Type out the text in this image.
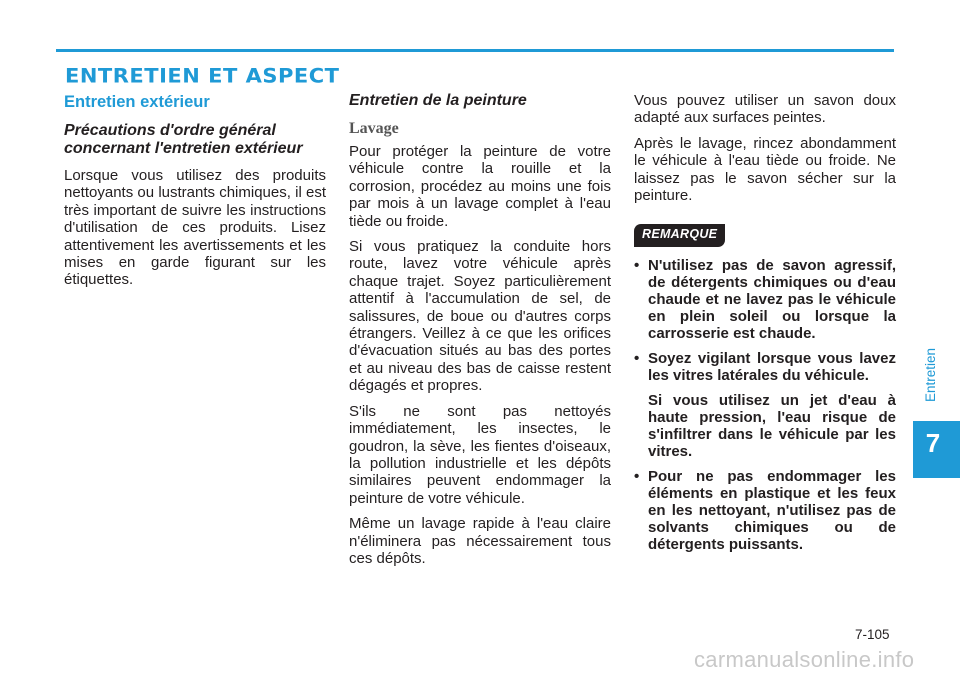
ENTRETIEN ET ASPECT
Entretien extérieur
Précautions d'ordre général concernant l'entretien extérieur

Lorsque vous utilisez des produits nettoyants ou lustrants chimiques, il est très important de suivre les instructions d'utilisation de ces produits. Lisez attentivement les avertissements et les mises en garde figurant sur les étiquettes.

Entretien de la peinture
Lavage

Pour protéger la peinture de votre véhicule contre la rouille et la corrosion, procédez au moins une fois par mois à un lavage complet à l'eau tiède ou froide.

Si vous pratiquez la conduite hors route, lavez votre véhicule après chaque trajet. Soyez particulièrement attentif à l'accumulation de sel, de salissures, de boue ou d'autres corps étrangers. Veillez à ce que les orifices d'évacuation situés au bas des portes et au niveau des bas de caisse restent dégagés et propres.

S'ils ne sont pas nettoyés immédiatement, les insectes, le goudron, la sève, les fientes d'oiseaux, la pollution industrielle et les dépôts similaires peuvent endommager la peinture de votre véhicule.

Même un lavage rapide à l'eau claire n'éliminera pas nécessairement tous ces dépôts.

Vous pouvez utiliser un savon doux adapté aux surfaces peintes.

Après le lavage, rincez abondamment le véhicule à l'eau tiède ou froide. Ne laissez pas le savon sécher sur la peinture.

REMARQUE
• N'utilisez pas de savon agressif, de détergents chimiques ou d'eau chaude et ne lavez pas le véhicule en plein soleil ou lorsque la carrosserie est chaude.

• Soyez vigilant lorsque vous lavez les vitres latérales du véhicule.

Si vous utilisez un jet d'eau à haute pression, l'eau risque de s'infiltrer dans le véhicule par les vitres.

• Pour ne pas endommager les éléments en plastique et les feux en les nettoyant, n'utilisez pas de solvants chimiques ou de détergents puissants.

Entretien
7
7-105
carmanualsonline.info
